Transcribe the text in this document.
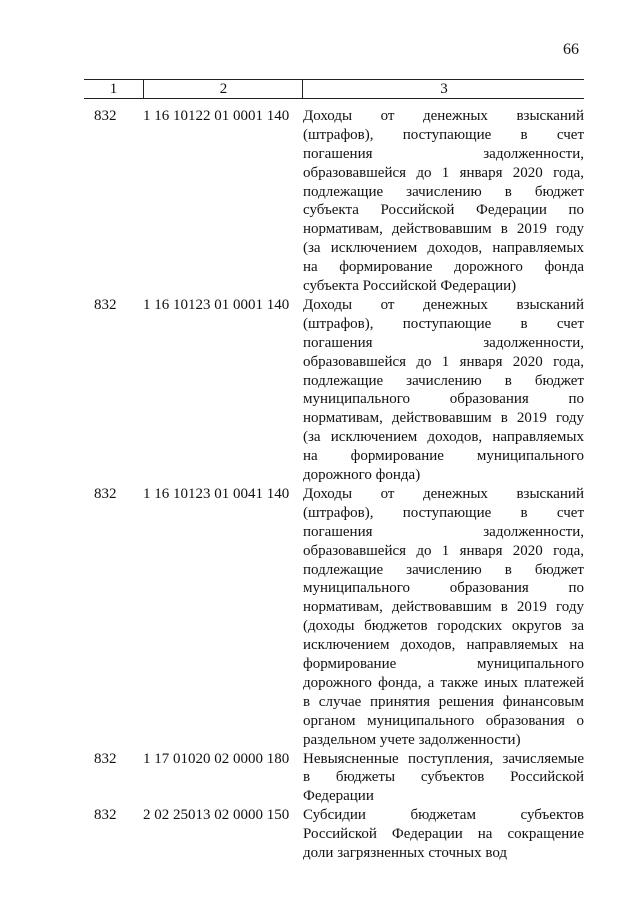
66
1	2	3
832 1 16 10122 01 0001 140 Доходы от денежных взысканий
(штрафов), поступающие в счет
погашения задолженности,
образовавшейся до 1 января 2020 года,
подлежащие зачислению в бюджет
субъекта Российской Федерации по
нормативам, действовавшим в 2019 году
(за исключением доходов, направляемых
на формирование дорожного фонда
субъекта Российской Федерации)
832 1 16 10123 01 0001 140 Доходы от денежных взысканий
(штрафов), поступающие в счет
погашения задолженности,
образовавшейся до 1 января 2020 года,
подлежащие зачислению в бюджет
муниципального образования по
нормативам, действовавшим в 2019 году
(за исключением доходов, направляемых
на формирование муниципального
дорожного фонда)
832 1 16 10123 01 0041 140 Доходы от денежных взысканий
(штрафов), поступающие в счет
погашения задолженности,
образовавшейся до 1 января 2020 года,
подлежащие зачислению в бюджет
муниципального образования по
нормативам, действовавшим в 2019 году
(доходы бюджетов городских округов за
исключением доходов, направляемых на
формирование муниципального
дорожного фонда, а также иных платежей
в случае принятия решения финансовым
органом муниципального образования о
раздельном учете задолженности)
832 1 17 01020 02 0000 180 Невыясненные поступления, зачисляемые
в бюджеты субъектов Российской
Федерации
832 2 02 25013 02 0000 150 Субсидии бюджетам субъектов
Российской Федерации на сокращение
доли загрязненных сточных вод
